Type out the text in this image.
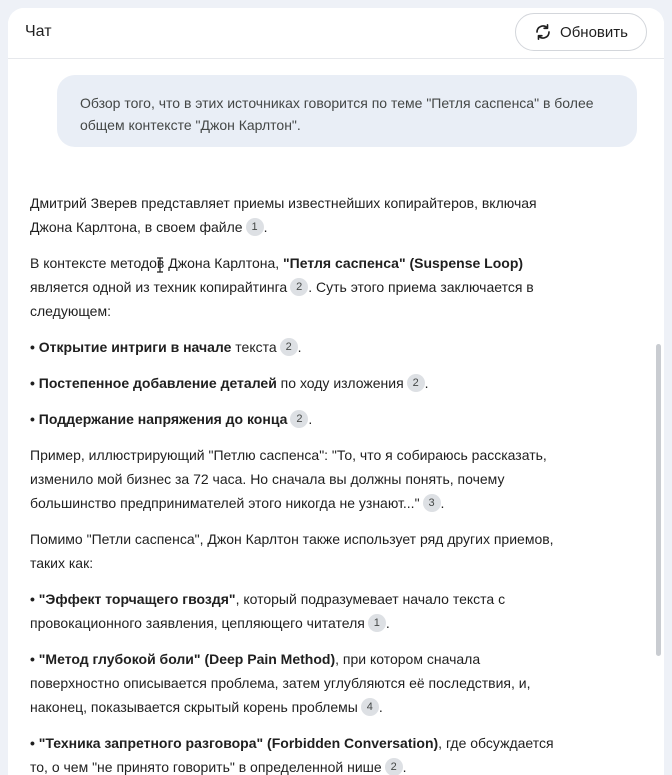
Чат	Обновить
Обзор того, что в этих источниках говорится по теме "Петля саспенса" в более общем контексте "Джон Карлтон".

Дмитрий Зверев представляет приемы известнейших копирайтеров, включая Джона Карлтона, в своем файле 1 .

В контексте методов Джона Карлтона, "Петля саспенса" (Suspense Loop) является одной из техник копирайтинга 2 . Суть этого приема заключается в следующем:

• Открытие интриги в начале текста 2 .

• Постепенное добавление деталей по ходу изложения 2 .

• Поддержание напряжения до конца 2 .

Пример, иллюстрирующий "Петлю саспенса": "То, что я собираюсь рассказать, изменило мой бизнес за 72 часа. Но сначала вы должны понять, почему большинство предпринимателей этого никогда не узнают..." 3 .

Помимо "Петли саспенса", Джон Карлтон также использует ряд других приемов, таких как:

• "Эффект торчащего гвоздя", который подразумевает начало текста с провокационного заявления, цепляющего читателя 1 .

• "Метод глубокой боли" (Deep Pain Method), при котором сначала поверхностно описывается проблема, затем углубляются её последствия, и, наконец, показывается скрытый корень проблемы 4 .

• "Техника запретного разговора" (Forbidden Conversation), где обсуждается то, о чем "не принято говорить" в определенной нише 2 .
